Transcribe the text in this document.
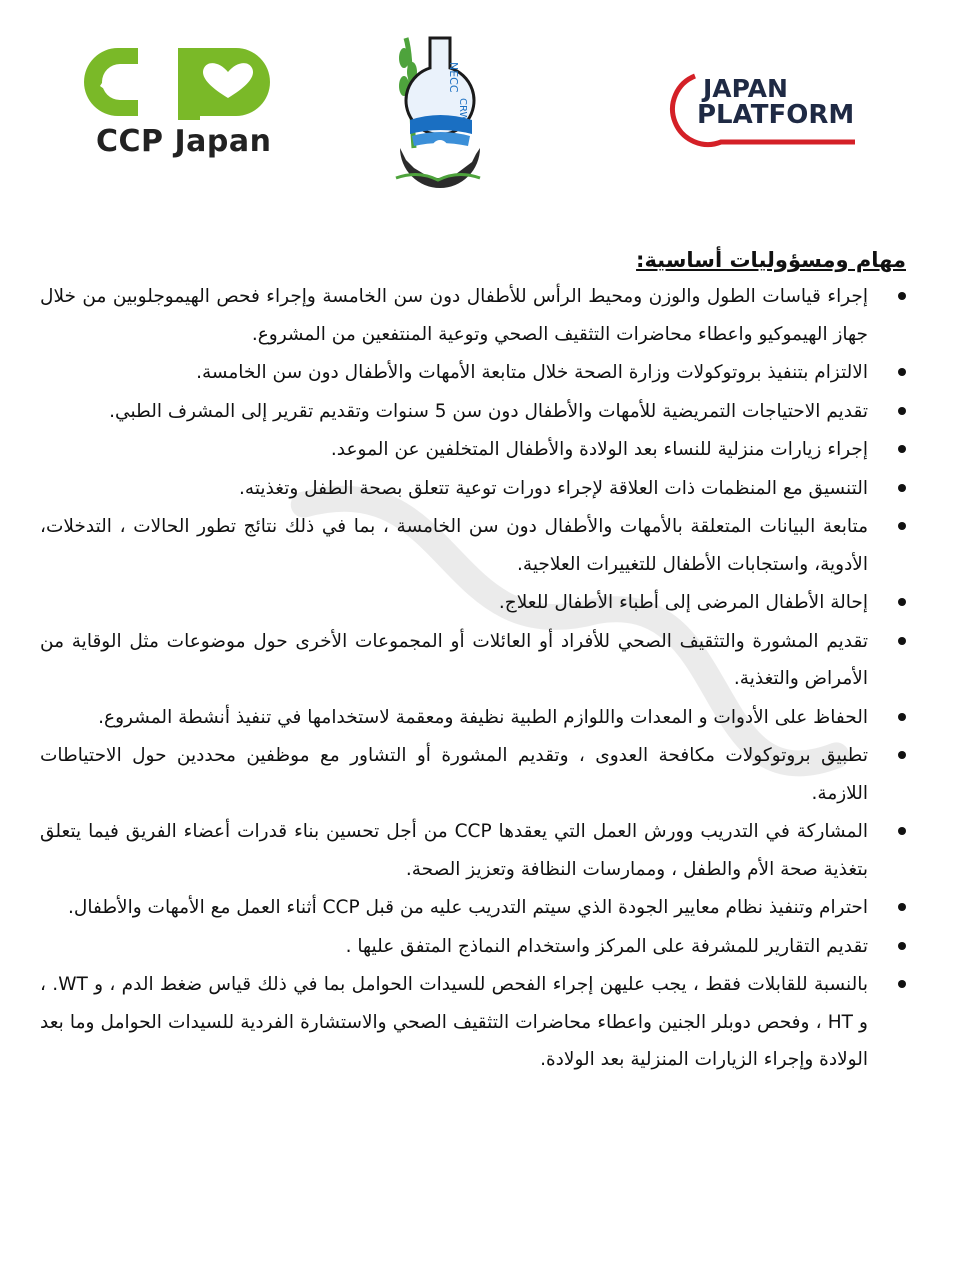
CCP Japan
NECC
CRW
JAPAN
PLATFORM
مهام ومسؤوليات أساسية:
إجراء قياسات الطول والوزن ومحيط الرأس للأطفال دون سن الخامسة وإجراء فحص الهيموجلوبين من خلال جهاز الهيموكيو واعطاء محاضرات التثقيف الصحي وتوعية المنتفعين من المشروع.
الالتزام بتنفيذ بروتوكولات وزارة الصحة خلال متابعة الأمهات والأطفال دون سن الخامسة.
تقديم الاحتياجات التمريضية للأمهات والأطفال دون سن 5 سنوات وتقديم تقرير إلى المشرف الطبي.
إجراء زيارات منزلية للنساء بعد الولادة والأطفال المتخلفين عن الموعد.
التنسيق مع المنظمات ذات العلاقة لإجراء دورات توعية تتعلق بصحة الطفل وتغذيته.
متابعة البيانات المتعلقة بالأمهات والأطفال دون سن الخامسة ، بما في ذلك نتائج تطور الحالات ، التدخلات، الأدوية، واستجابات الأطفال للتغييرات العلاجية.
إحالة الأطفال المرضى إلى أطباء الأطفال للعلاج.
تقديم المشورة والتثقيف الصحي للأفراد أو العائلات أو المجموعات الأخرى حول موضوعات مثل الوقاية من الأمراض والتغذية.
الحفاظ على الأدوات و المعدات واللوازم الطبية نظيفة ومعقمة لاستخدامها في تنفيذ أنشطة المشروع.
تطبيق بروتوكولات مكافحة العدوى ، وتقديم المشورة أو التشاور مع موظفين محددين حول الاحتياطات اللازمة.
المشاركة في التدريب وورش العمل التي يعقدها CCP من أجل تحسين بناء قدرات أعضاء الفريق فيما يتعلق بتغذية صحة الأم والطفل ، وممارسات النظافة وتعزيز الصحة.
احترام وتنفيذ نظام معايير الجودة الذي سيتم التدريب عليه من قبل CCP أثناء العمل مع الأمهات والأطفال.
تقديم التقارير للمشرفة على المركز واستخدام النماذج المتفق عليها .
بالنسبة للقابلات فقط ، يجب عليهن إجراء الفحص للسيدات الحوامل بما في ذلك قياس ضغط الدم ، و WT. ، و HT ، وفحص دوبلر الجنين واعطاء محاضرات التثقيف الصحي والاستشارة الفردية للسيدات الحوامل وما بعد الولادة وإجراء الزيارات المنزلية بعد الولادة.
